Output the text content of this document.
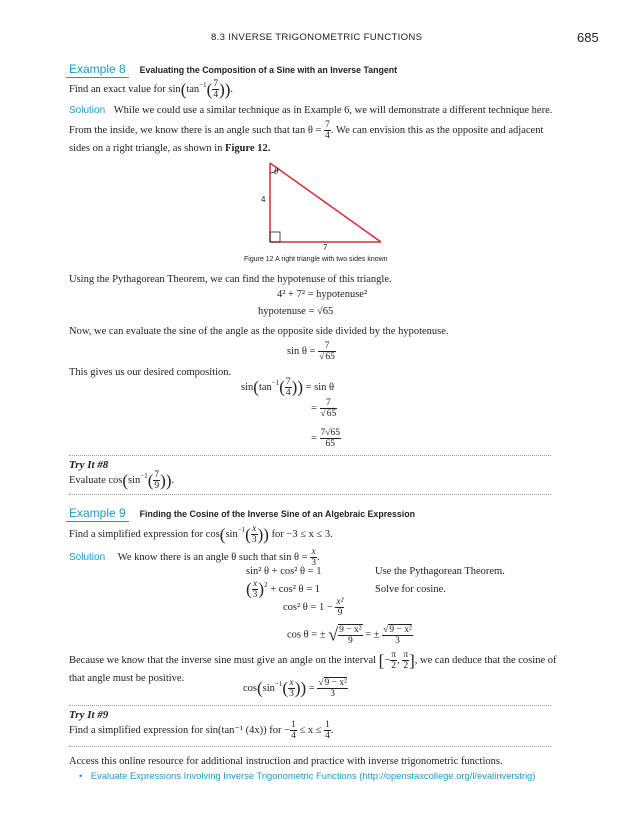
8.3 INVERSE TRIGONOMETRIC FUNCTIONS	685
Example 8 Evaluating the Composition of a Sine with an Inverse Tangent
Find an exact value for $\sin(\tan^{-1}( \frac{7}{4}$ )).
Solution While we could use a similar technique as in Example 6, we will demonstrate a different technique here.
From the inside, we know there is an angle such that $\tan \theta = \frac{7}{4}$ . We can envision this as the opposite and adjacent
sides on a right triangle, as shown in Figure 12.
θ
4
7
Figure 12 A right triangle with two sides known
Using the Pythagorean Theorem, we can find the hypotenuse of this triangle.
4² + 7² = hypotenuse²
hypotenuse = √65
Now, we can evaluate the sine of the angle as the opposite side divided by the hypotenuse.
$\sin \theta = \frac{7}{√65}$
This gives us our desired composition.
$\sin(\tan^{-1}( \frac{7}{4}$ )) = sin θ
= $\frac{7}{√65}$
= $\frac{7√65}{65}$
Try It #8
Evaluate $\cos(\sin^{-1}( \frac{7}{9}$ )).
Example 9 Finding the Cosine of the Inverse Sine of an Algebraic Expression
Find a simplified expression for $\cos(\sin^{-1}( \frac{x}{3}$ )) for −3 ≤ x ≤ 3.
Solution We know there is an angle θ such that $\sin \theta = \frac{x}{3}$ .
sin² θ + cos² θ = 1	Use the Pythagorean Theorem.
( $\frac{x}{3} )^2 + \cos^2$ θ = 1	Solve for cosine.
cos² $\theta = 1 - \frac{\text{x²}}{9}$
cos θ = ± √ $\frac{\text{9 − x²}}{9}$ = ± $\frac{\text{√9 − x²}}{3}$
Because we know that the inverse sine must give an angle on the interval [− $\frac{\pi}{2}$ , $\frac{\pi}{2}$ ], we can deduce that the cosine of
that angle must be positive.
$\cos(\sin^{-1}( \frac{x}{3}$ )) = $\frac{\text{√9 − x²}}{3}$
Try It #9
Find a simplified expression for sin(tan⁻¹ (4x)) for − $\frac{1}{4} \le x \le \frac{1}{4}$ .
Access this online resource for additional instruction and practice with inverse trigonometric functions.
• Evaluate Expressions Involving Inverse Trigonometric Functions (http://openstaxcollege.org/l/evalinverstrig)
